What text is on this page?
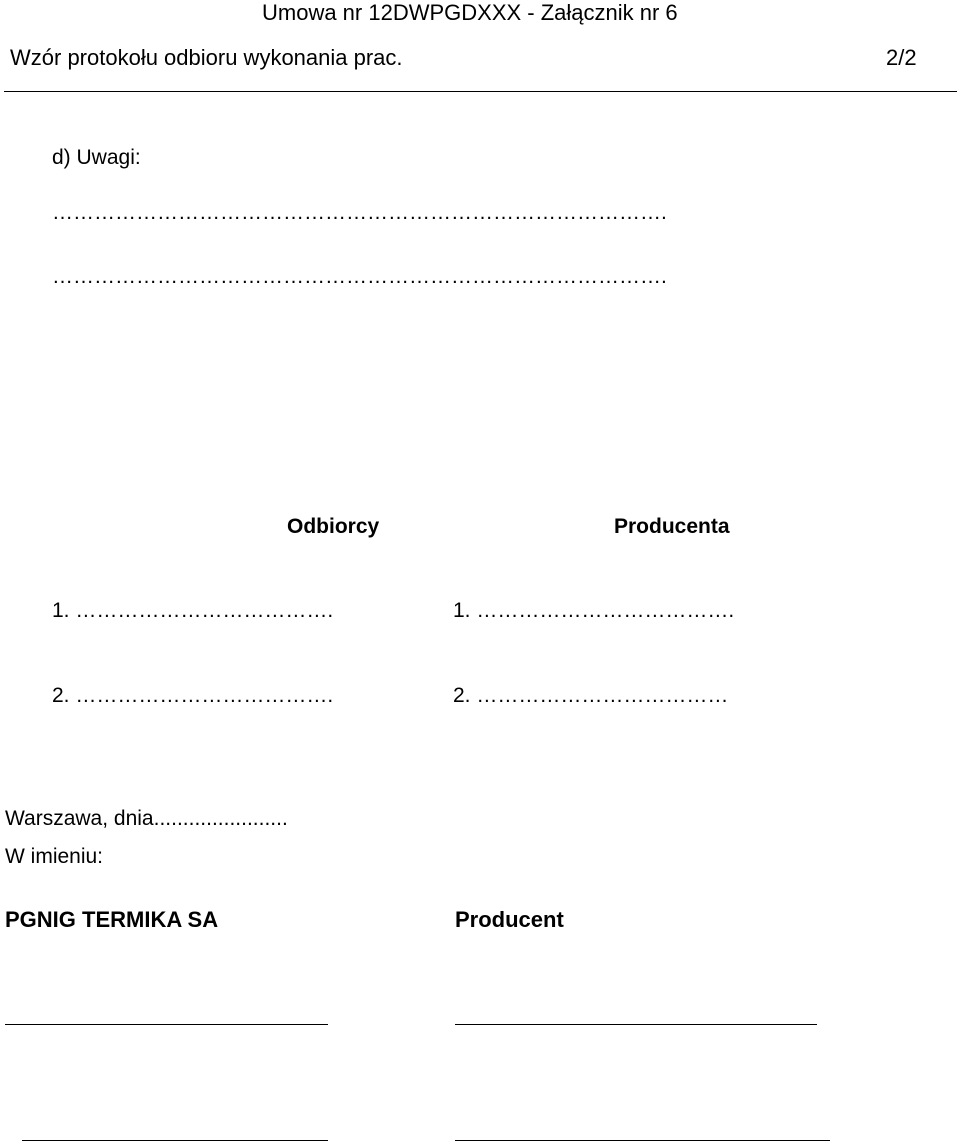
Umowa nr 12DWPGDXXX - Załącznik nr 6
Wzór protokołu odbioru wykonania prac.	2/2
d) Uwagi:
…………………………………………………………………………….
…………………………………………………………………………….
Odbiorcy	Producenta
1. ……………………………….	1. ……………………………….
2. ……………………………….	2. ………………………………
Warszawa, dnia.......................
W imieniu:
PGNIG TERMIKA SA	Producent
